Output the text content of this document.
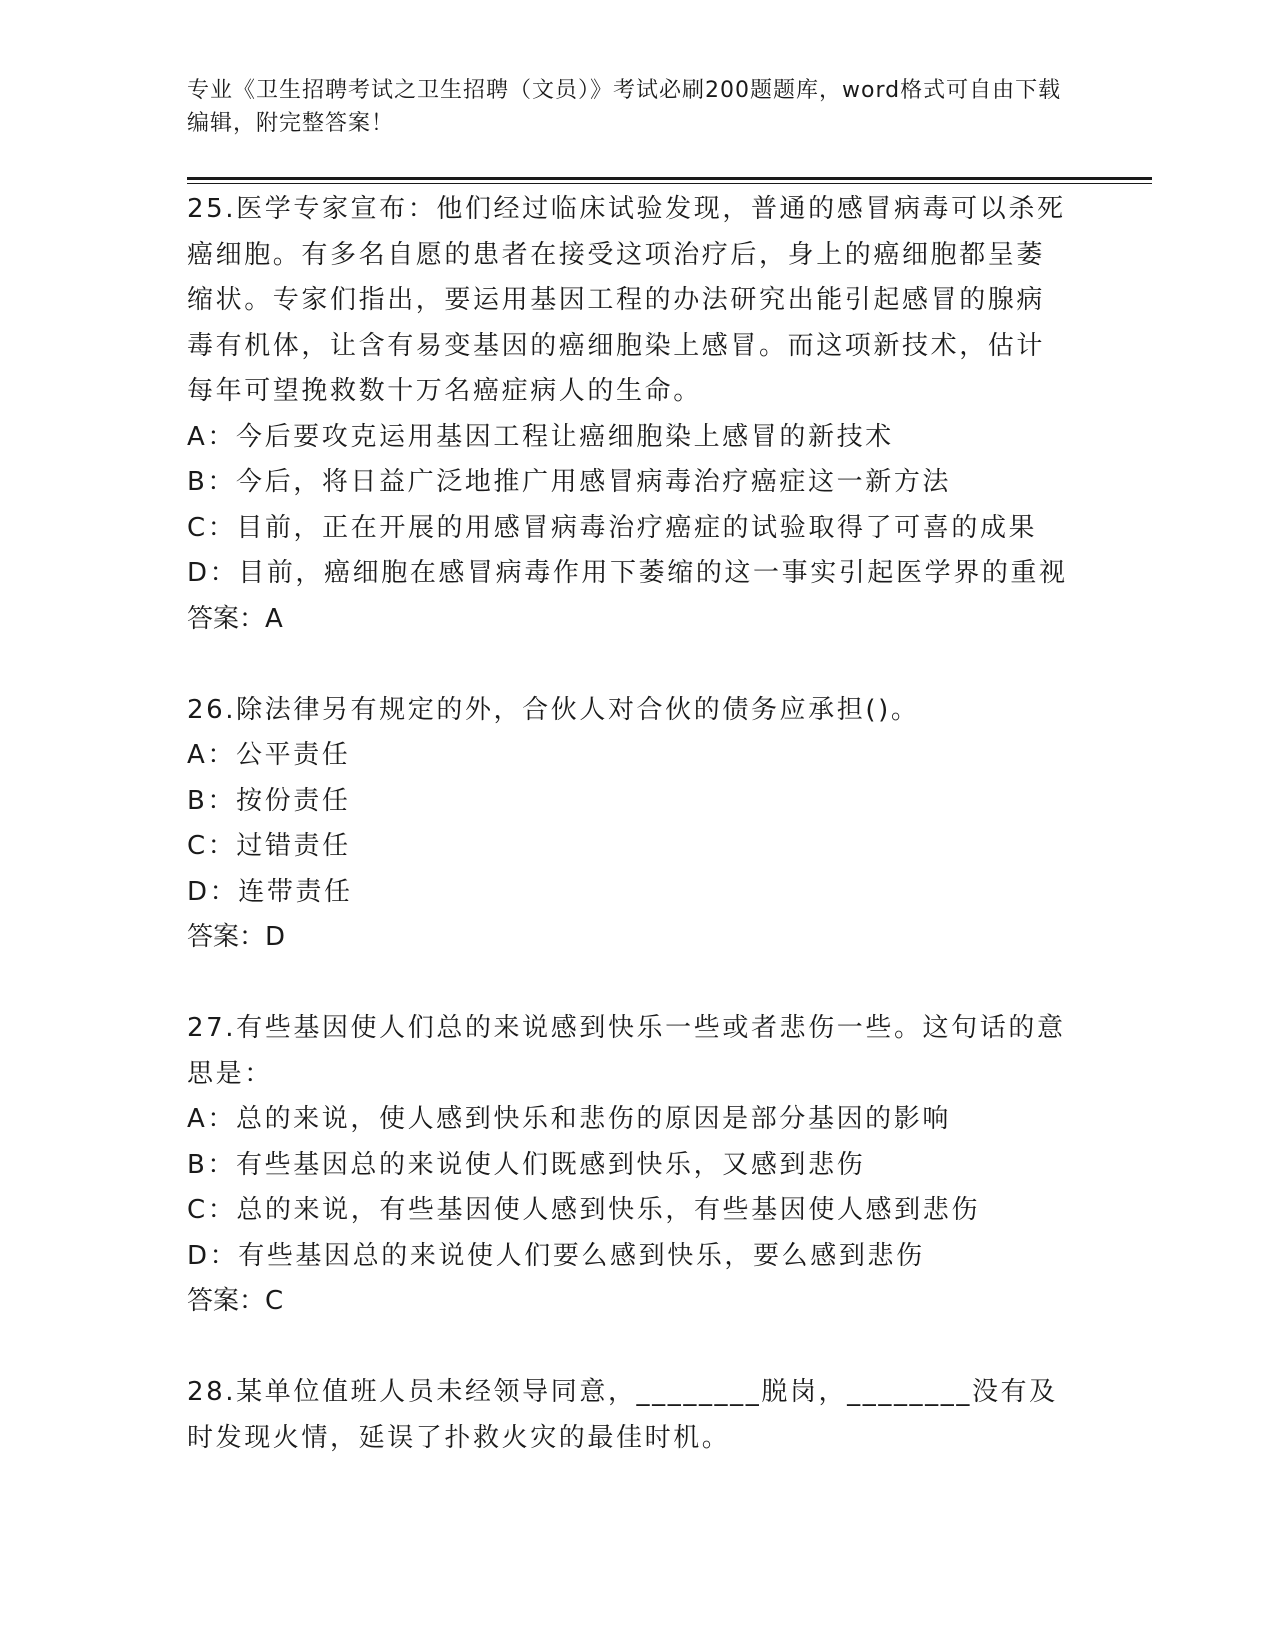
专业《卫生招聘考试之卫生招聘（文员）》考试必刷200题题库，word格式可自由下载编辑，附完整答案！

25.医学专家宣布：他们经过临床试验发现，普通的感冒病毒可以杀死癌细胞。有多名自愿的患者在接受这项治疗后，身上的癌细胞都呈萎缩状。专家们指出，要运用基因工程的办法研究出能引起感冒的腺病毒有机体，让含有易变基因的癌细胞染上感冒。而这项新技术，估计每年可望挽救数十万名癌症病人的生命。

A：今后要攻克运用基因工程让癌细胞染上感冒的新技术

B：今后，将日益广泛地推广用感冒病毒治疗癌症这一新方法

C：目前，正在开展的用感冒病毒治疗癌症的试验取得了可喜的成果

D：目前，癌细胞在感冒病毒作用下萎缩的这一事实引起医学界的重视

答案：A

26.除法律另有规定的外，合伙人对合伙的债务应承担()。

A：公平责任

B：按份责任

C：过错责任

D：连带责任

答案：D

27.有些基因使人们总的来说感到快乐一些或者悲伤一些。这句话的意思是：

A：总的来说，使人感到快乐和悲伤的原因是部分基因的影响

B：有些基因总的来说使人们既感到快乐，又感到悲伤

C：总的来说，有些基因使人感到快乐，有些基因使人感到悲伤

D：有些基因总的来说使人们要么感到快乐，要么感到悲伤

答案：C

28.某单位值班人员未经领导同意，________脱岗，________没有及时发现火情，延误了扑救火灾的最佳时机。
